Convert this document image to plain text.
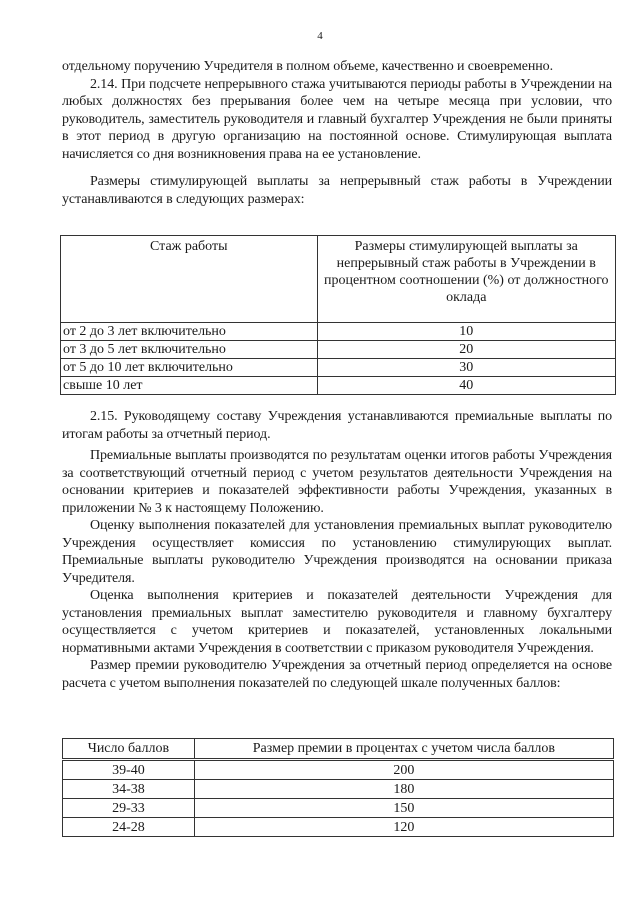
4

отдельному поручению Учредителя в полном объеме, качественно и своевременно.

2.14. При подсчете непрерывного стажа учитываются периоды работы в Учреждении на любых должностях без прерывания более чем на четыре месяца при условии, что руководитель, заместитель руководителя и главный бухгалтер Учреждения не были приняты в этот период в другую организацию на постоянной основе. Стимулирующая выплата начисляется со дня возникновения права на ее установление.

Размеры стимулирующей выплаты за непрерывный стаж работы в Учреждении устанавливаются в следующих размерах:

Стаж работы	Размеры стимулирующей выплаты за непрерывный стаж работы в Учреждении в процентном соотношении (%) от должностного оклада
от 2 до 3 лет включительно	10
от 3 до 5 лет включительно	20
от 5 до 10 лет включительно	30
свыше 10 лет	40

2.15. Руководящему составу Учреждения устанавливаются премиальные выплаты по итогам работы за отчетный период.

Премиальные выплаты производятся по результатам оценки итогов работы Учреждения за соответствующий отчетный период с учетом результатов деятельности Учреждения на основании критериев и показателей эффективности работы Учреждения, указанных в приложении № 3 к настоящему Положению.

Оценку выполнения показателей для установления премиальных выплат руководителю Учреждения осуществляет комиссия по установлению стимулирующих выплат. Премиальные выплаты руководителю Учреждения производятся на основании приказа Учредителя.

Оценка выполнения критериев и показателей деятельности Учреждения для установления премиальных выплат заместителю руководителя и главному бухгалтеру осуществляется с учетом критериев и показателей, установленных локальными нормативными актами Учреждения в соответствии с приказом руководителя Учреждения.

Размер премии руководителю Учреждения за отчетный период определяется на основе расчета с учетом выполнения показателей по следующей шкале полученных баллов:

Число баллов	Размер премии в процентах с учетом числа баллов
39-40	200
34-38	180
29-33	150
24-28	120
